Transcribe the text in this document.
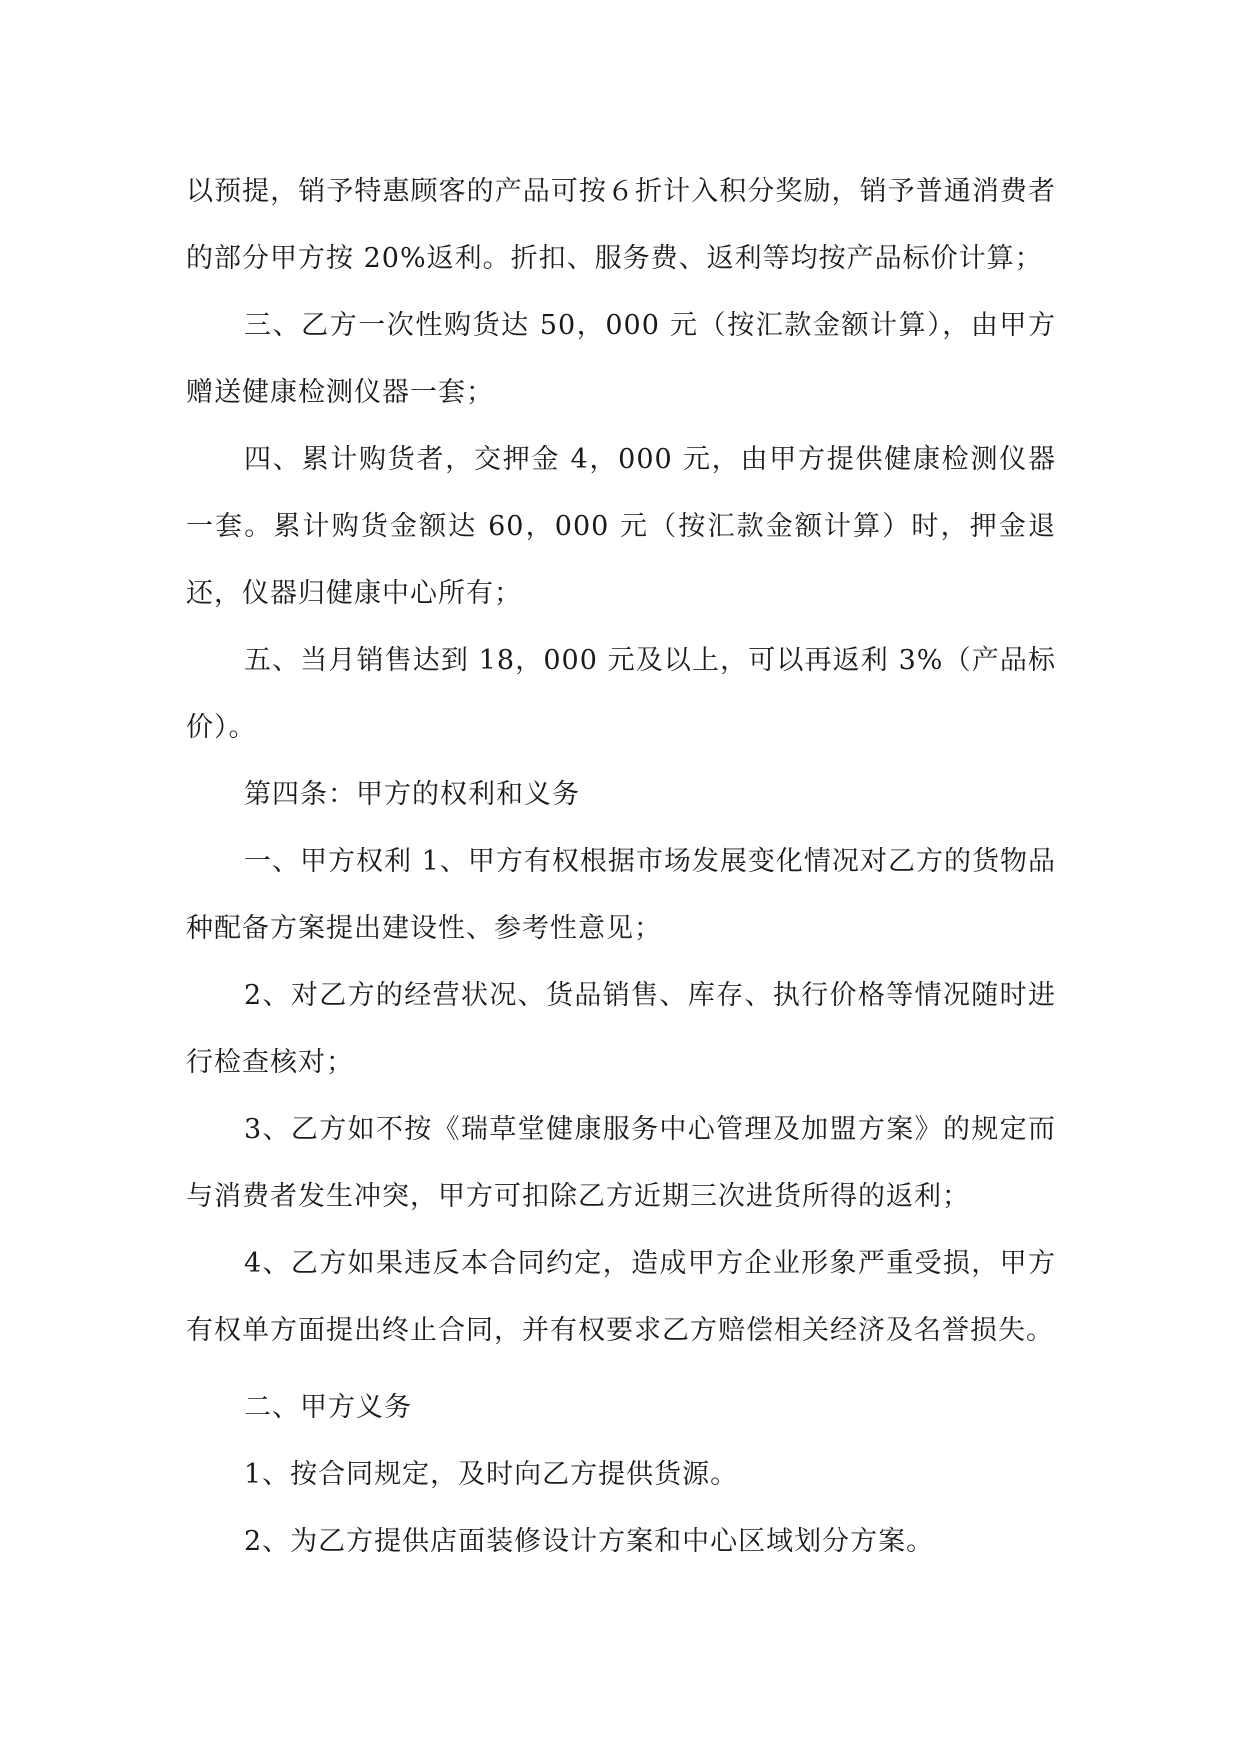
以预提，销予特惠顾客的产品可按６折计入积分奖励，销予普通消费者的部分甲方按 20%返利。折扣、服务费、返利等均按产品标价计算；

三、乙方一次性购货达 50，000 元（按汇款金额计算），由甲方赠送健康检测仪器一套；

四、累计购货者，交押金 4，000 元，由甲方提供健康检测仪器一套。累计购货金额达 60，000 元（按汇款金额计算）时，押金退还，仪器归健康中心所有；

五、当月销售达到 18，000 元及以上，可以再返利 3%（产品标价）。

第四条：甲方的权利和义务

一、甲方权利 1、甲方有权根据市场发展变化情况对乙方的货物品种配备方案提出建设性、参考性意见；

2、对乙方的经营状况、货品销售、库存、执行价格等情况随时进行检查核对；

3、乙方如不按《瑞草堂健康服务中心管理及加盟方案》的规定而与消费者发生冲突，甲方可扣除乙方近期三次进货所得的返利；

4、乙方如果违反本合同约定，造成甲方企业形象严重受损，甲方有权单方面提出终止合同，并有权要求乙方赔偿相关经济及名誉损失。

二、甲方义务

1、按合同规定，及时向乙方提供货源。

2、为乙方提供店面装修设计方案和中心区域划分方案。
